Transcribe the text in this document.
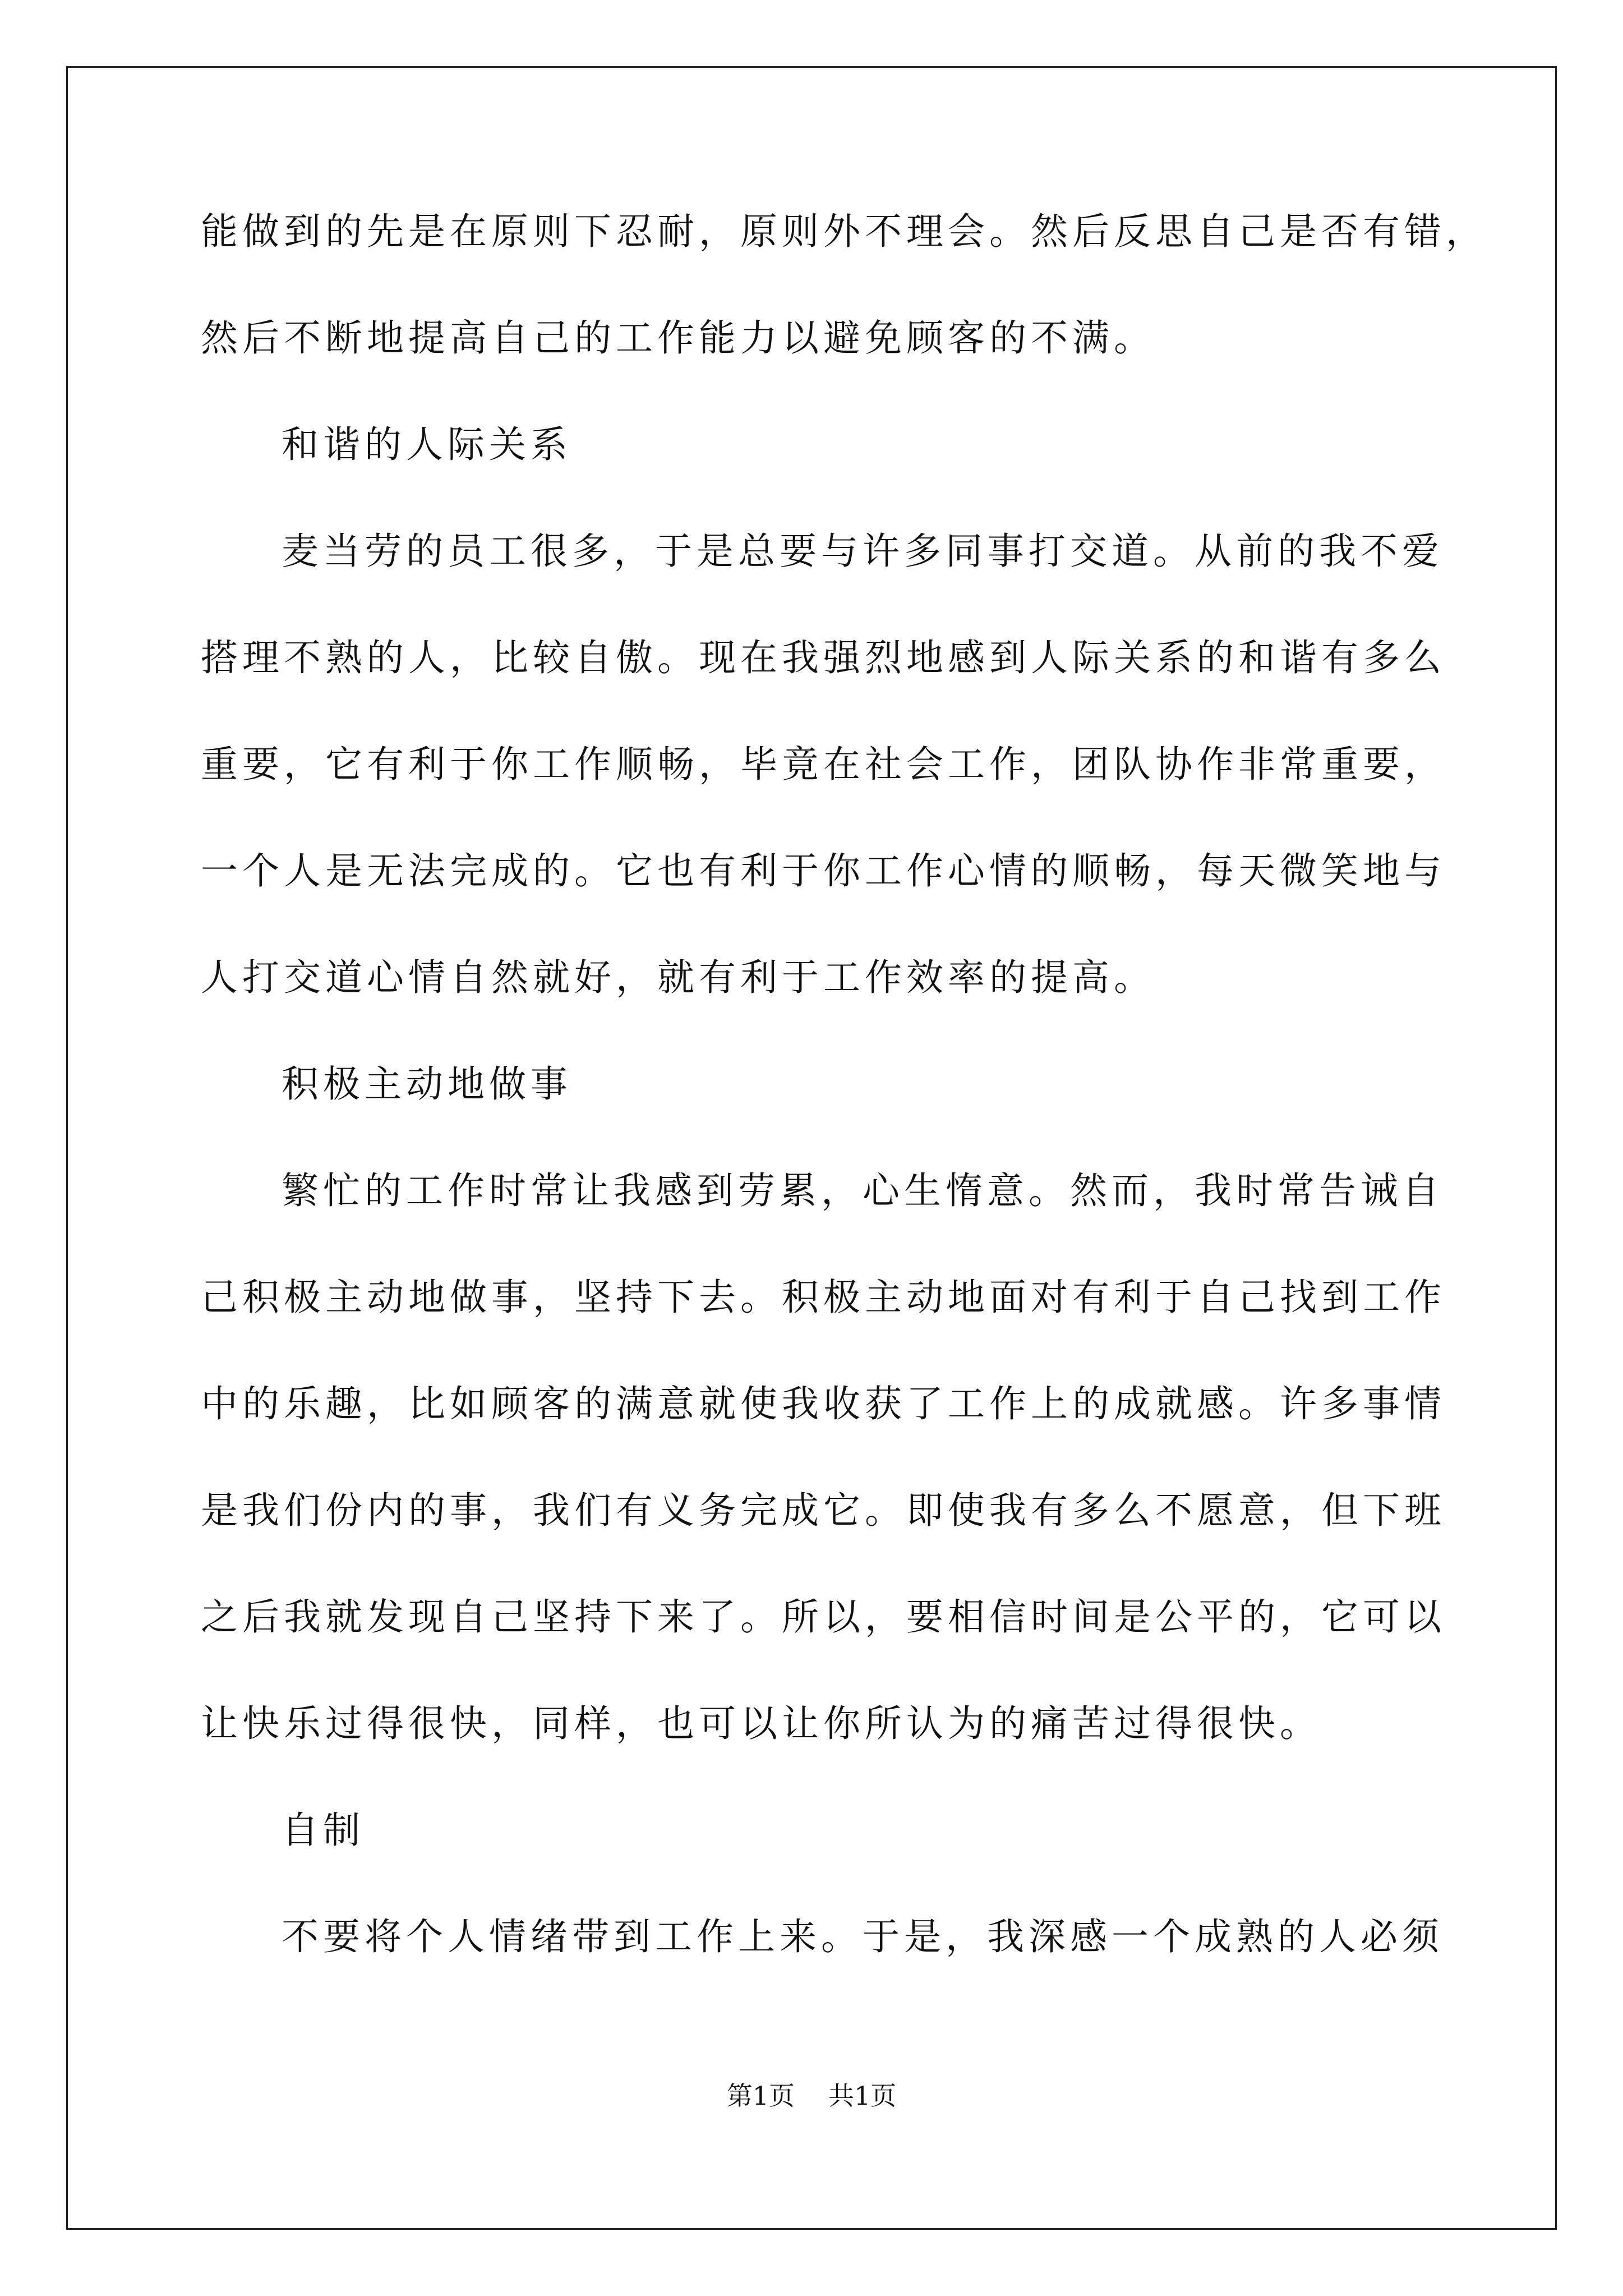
能做到的先是在原则下忍耐，原则外不理会。然后反思自己是否有错，
然后不断地提高自己的工作能力以避免顾客的不满。
和谐的人际关系
麦当劳的员工很多，于是总要与许多同事打交道。从前的我不爱
搭理不熟的人，比较自傲。现在我强烈地感到人际关系的和谐有多么
重要，它有利于你工作顺畅，毕竟在社会工作，团队协作非常重要，
一个人是无法完成的。它也有利于你工作心情的顺畅，每天微笑地与
人打交道心情自然就好，就有利于工作效率的提高。
积极主动地做事
繁忙的工作时常让我感到劳累，心生惰意。然而，我时常告诫自
己积极主动地做事，坚持下去。积极主动地面对有利于自己找到工作
中的乐趣，比如顾客的满意就使我收获了工作上的成就感。许多事情
是我们份内的事，我们有义务完成它。即使我有多么不愿意，但下班
之后我就发现自己坚持下来了。所以，要相信时间是公平的，它可以
让快乐过得很快，同样，也可以让你所认为的痛苦过得很快。
自制
不要将个人情绪带到工作上来。于是，我深感一个成熟的人必须
第1页 共1页
